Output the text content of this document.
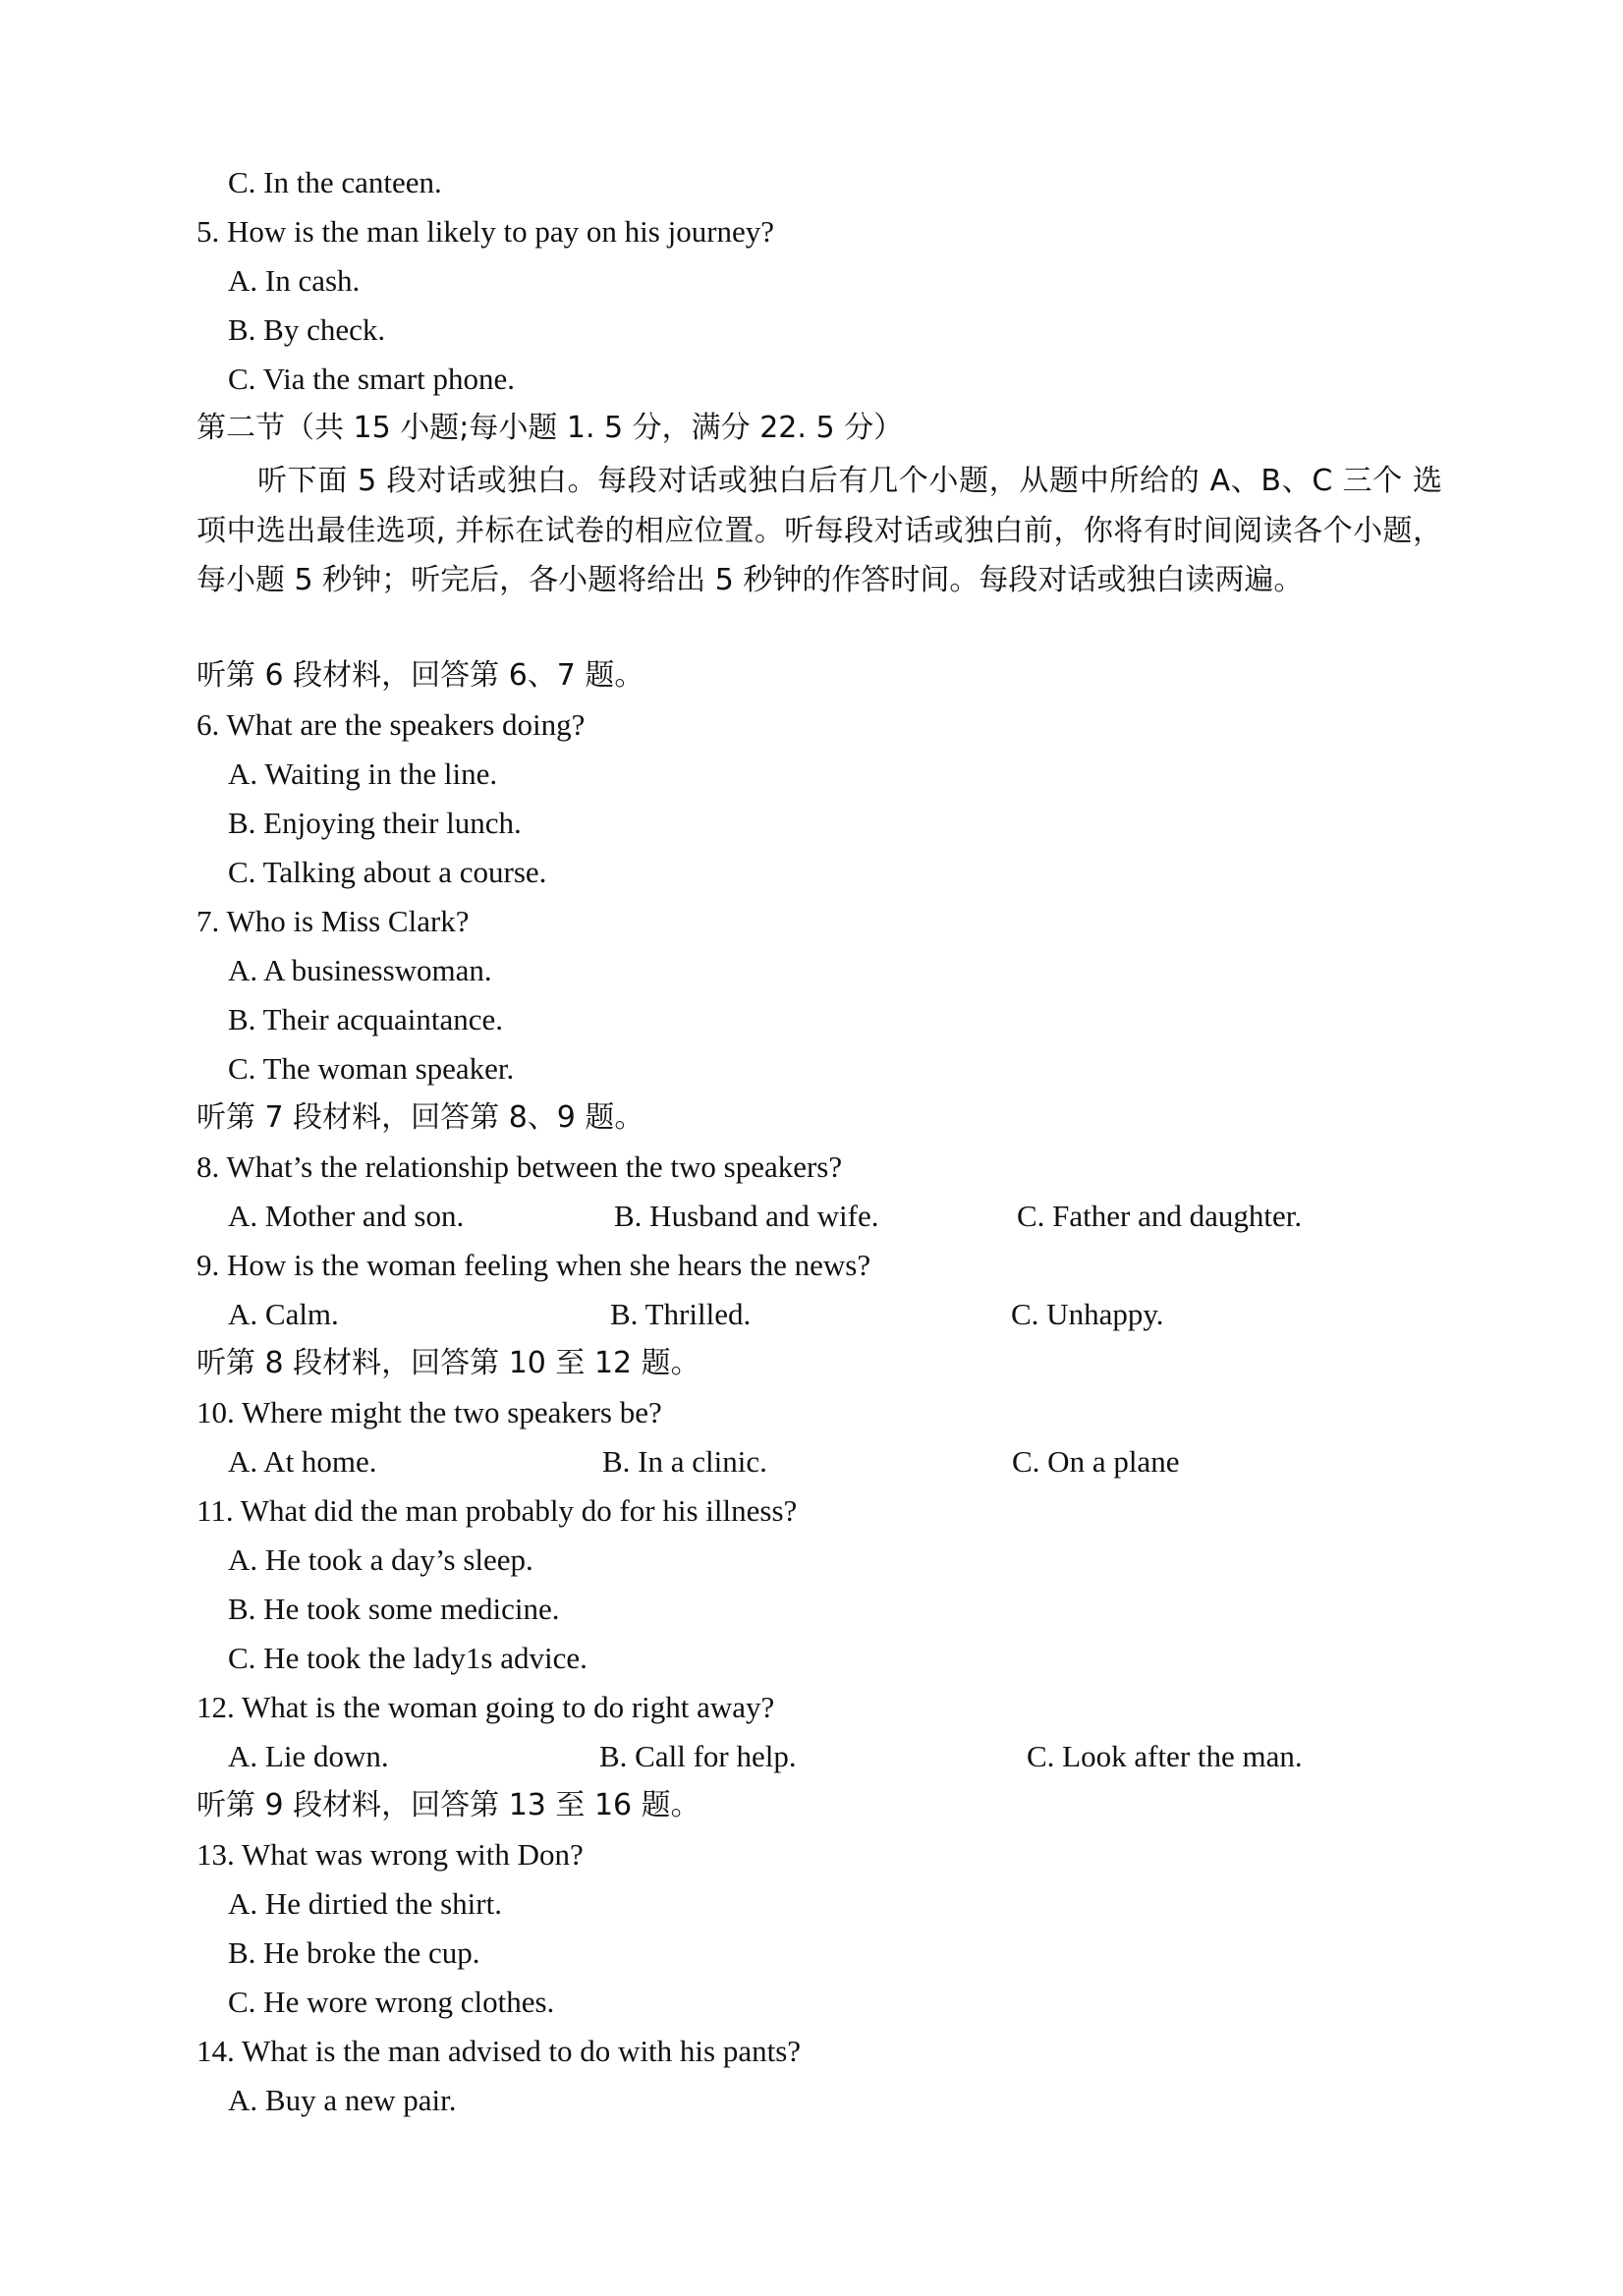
C. In the canteen.
5. How is the man likely to pay on his journey?
A. In cash.
B. By check.
C. Via the smart phone.
第二节（共 15 小题;每小题 1. 5 分，满分 22. 5 分）
听下面 5 段对话或独白。每段对话或独白后有几个小题，从题中所给的 A、B、C 三个 选项中选出最佳选项, 并标在试卷的相应位置。听每段对话或独白前，你将有时间阅读各个小题，每小题 5 秒钟；听完后，各小题将给出 5 秒钟的作答时间。每段对话或独白读两遍。
听第 6 段材料，回答第 6、7 题。
6. What are the speakers doing?
A. Waiting in the line.
B. Enjoying their lunch.
C. Talking about a course.
7. Who is Miss Clark?
A. A businesswoman.
B. Their acquaintance.
C. The woman speaker.
听第 7 段材料，回答第 8、9 题。
8. What’s the relationship between the two speakers?
A. Mother and son.	B. Husband and wife.	C. Father and daughter.
9. How is the woman feeling when she hears the news?
A. Calm.	B. Thrilled.	C. Unhappy.
听第 8 段材料，回答第 10 至 12 题。
10. Where might the two speakers be?
A. At home.	B. In a clinic.	C. On a plane
11. What did the man probably do for his illness?
A. He took a day’s sleep.
B. He took some medicine.
C. He took the lady1s advice.
12. What is the woman going to do right away?
A. Lie down.	B. Call for help.	C. Look after the man.
听第 9 段材料，回答第 13 至 16 题。
13. What was wrong with Don?
A. He dirtied the shirt.
B. He broke the cup.
C. He wore wrong clothes.
14. What is the man advised to do with his pants?
A. Buy a new pair.
